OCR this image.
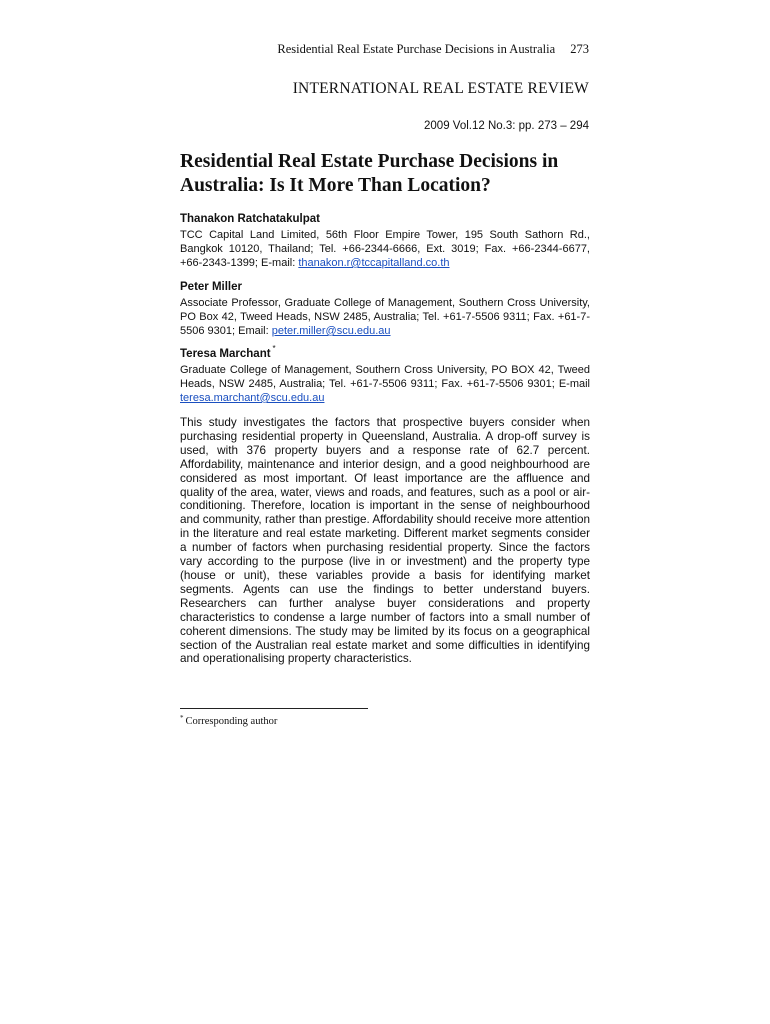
Residential Real Estate Purchase Decisions in Australia 273
INTERNATIONAL REAL ESTATE REVIEW
2009 Vol.12 No.3: pp. 273 – 294
Residential Real Estate Purchase Decisions in Australia: Is It More Than Location?
Thanakon Ratchatakulpat
TCC Capital Land Limited, 56th Floor Empire Tower, 195 South Sathorn Rd., Bangkok 10120, Thailand; Tel. +66-2344-6666, Ext. 3019; Fax. +66-2344-6677, +66-2343-1399; E-mail: thanakon.r@tccapitalland.co.th
Peter Miller
Associate Professor, Graduate College of Management, Southern Cross University, PO Box 42, Tweed Heads, NSW 2485, Australia; Tel. +61-7-5506 9311; Fax. +61-7-5506 9301; Email: peter.miller@scu.edu.au
Teresa Marchant *
Graduate College of Management, Southern Cross University, PO BOX 42, Tweed Heads, NSW 2485, Australia; Tel. +61-7-5506 9311; Fax. +61-7-5506 9301; E-mail teresa.marchant@scu.edu.au

This study investigates the factors that prospective buyers consider when purchasing residential property in Queensland, Australia. A drop-off survey is used, with 376 property buyers and a response rate of 62.7 percent. Affordability, maintenance and interior design, and a good neighbourhood are considered as most important. Of least importance are the affluence and quality of the area, water, views and roads, and features, such as a pool or air-conditioning. Therefore, location is important in the sense of neighbourhood and community, rather than prestige. Affordability should receive more attention in the literature and real estate marketing. Different market segments consider a number of factors when purchasing residential property. Since the factors vary according to the purpose (live in or investment) and the property type (house or unit), these variables provide a basis for identifying market segments. Agents can use the findings to better understand buyers. Researchers can further analyse buyer considerations and property characteristics to condense a large number of factors into a small number of coherent dimensions. The study may be limited by its focus on a geographical section of the Australian real estate market and some difficulties in identifying and operationalising property characteristics.

* Corresponding author
